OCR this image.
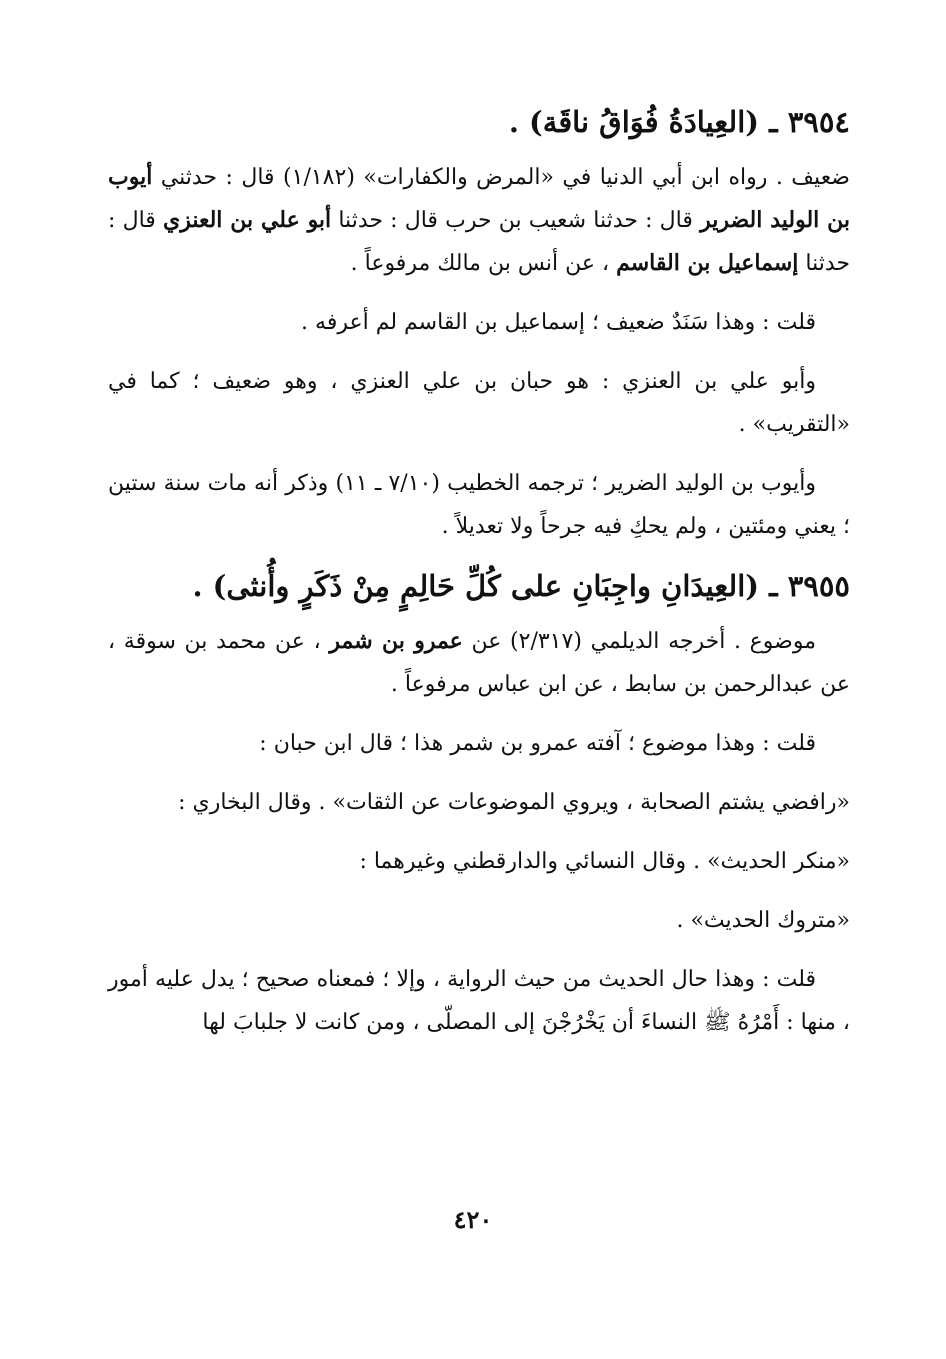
٣٩٥٤ ـ (العِيادَةُ فُوَاقُ ناقَة) .
ضعيف . رواه ابن أبي الدنيا في «المرض والكفارات» (١/١٨٢) قال : حدثني أيوب بن الوليد الضرير قال : حدثنا شعيب بن حرب قال : حدثنا أبو علي بن العنزي قال : حدثنا إسماعيل بن القاسم ، عن أنس بن مالك مرفوعاً .
قلت : وهذا سَنَدٌ ضعيف ؛ إسماعيل بن القاسم لم أعرفه .
وأبو علي بن العنزي : هو حبان بن علي العنزي ، وهو ضعيف ؛ كما في «التقريب» .
وأيوب بن الوليد الضرير ؛ ترجمه الخطيب (٧/١٠ ـ ١١) وذكر أنه مات سنة ستين ؛ يعني ومئتين ، ولم يحكِ فيه جرحاً ولا تعديلاً .
٣٩٥٥ ـ (العِيدَانِ واجِبَانِ على كُلِّ حَالِمٍ مِنْ ذَكَرٍ وأُنثى) .
موضوع . أخرجه الديلمي (٢/٣١٧) عن عمرو بن شمر ، عن محمد بن سوقة ، عن عبدالرحمن بن سابط ، عن ابن عباس مرفوعاً .
قلت : وهذا موضوع ؛ آفته عمرو بن شمر هذا ؛ قال ابن حبان :
«رافضي يشتم الصحابة ، ويروي الموضوعات عن الثقات» . وقال البخاري :
«منكر الحديث» . وقال النسائي والدارقطني وغيرهما :
«متروك الحديث» .
قلت : وهذا حال الحديث من حيث الرواية ، وإلا ؛ فمعناه صحيح ؛ يدل عليه أمور ، منها : أَمْرُهُ ﷺ النساءَ أن يَخْرُجْنَ إلى المصلّى ، ومن كانت لا جلبابَ لها
٤٢٠
